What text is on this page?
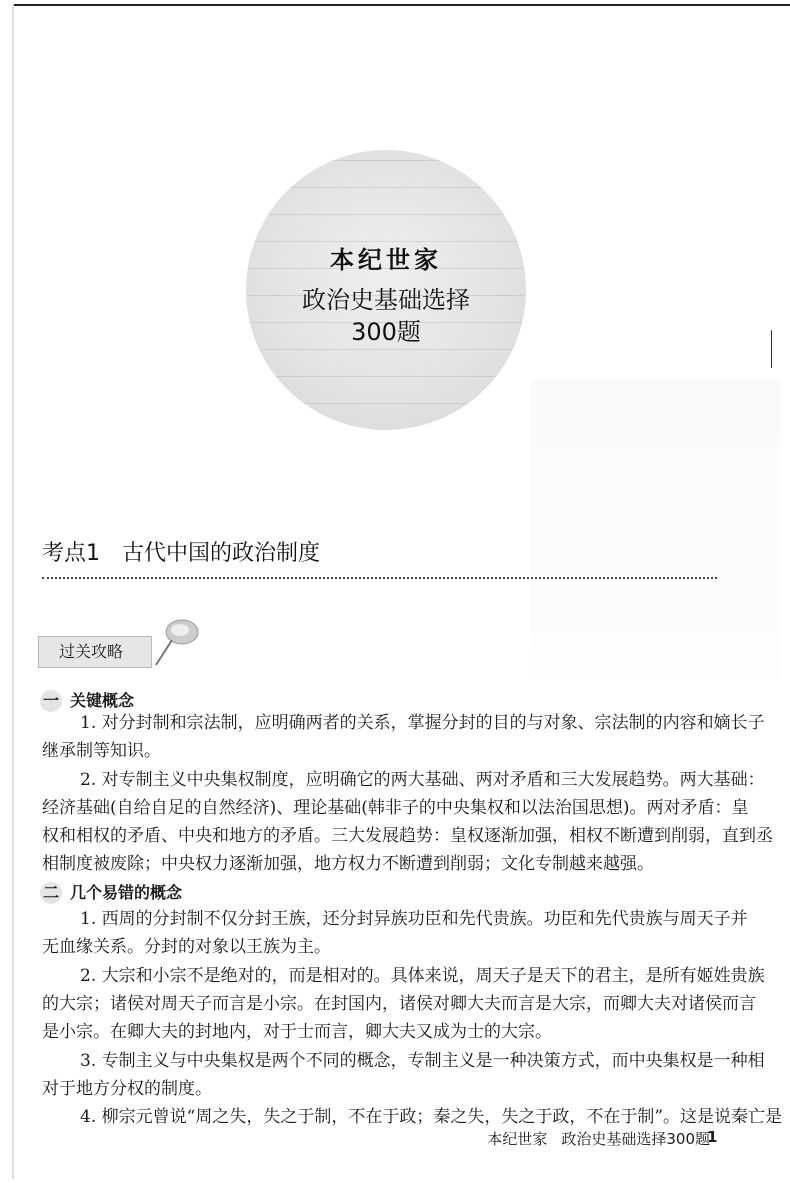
本纪世家
政治史基础选择
300题
考点1 古代中国的政治制度
过关攻略
一 关键概念
1. 对分封制和宗法制，应明确两者的关系，掌握分封的目的与对象、宗法制的内容和嫡长子
继承制等知识。
2. 对专制主义中央集权制度，应明确它的两大基础、两对矛盾和三大发展趋势。两大基础：
经济基础(自给自足的自然经济)、理论基础(韩非子的中央集权和以法治国思想)。两对矛盾：皇
权和相权的矛盾、中央和地方的矛盾。三大发展趋势：皇权逐渐加强，相权不断遭到削弱，直到丞
相制度被废除；中央权力逐渐加强，地方权力不断遭到削弱；文化专制越来越强。
二 几个易错的概念
1. 西周的分封制不仅分封王族，还分封异族功臣和先代贵族。功臣和先代贵族与周天子并
无血缘关系。分封的对象以王族为主。
2. 大宗和小宗不是绝对的，而是相对的。具体来说，周天子是天下的君主，是所有姬姓贵族
的大宗；诸侯对周天子而言是小宗。在封国内，诸侯对卿大夫而言是大宗，而卿大夫对诸侯而言
是小宗。在卿大夫的封地内，对于士而言，卿大夫又成为士的大宗。
3. 专制主义与中央集权是两个不同的概念，专制主义是一种决策方式，而中央集权是一种相
对于地方分权的制度。
4. 柳宗元曾说“周之失，失之于制，不在于政；秦之失，失之于政，不在于制”。这是说秦亡是
本纪世家 政治史基础选择300题
1
